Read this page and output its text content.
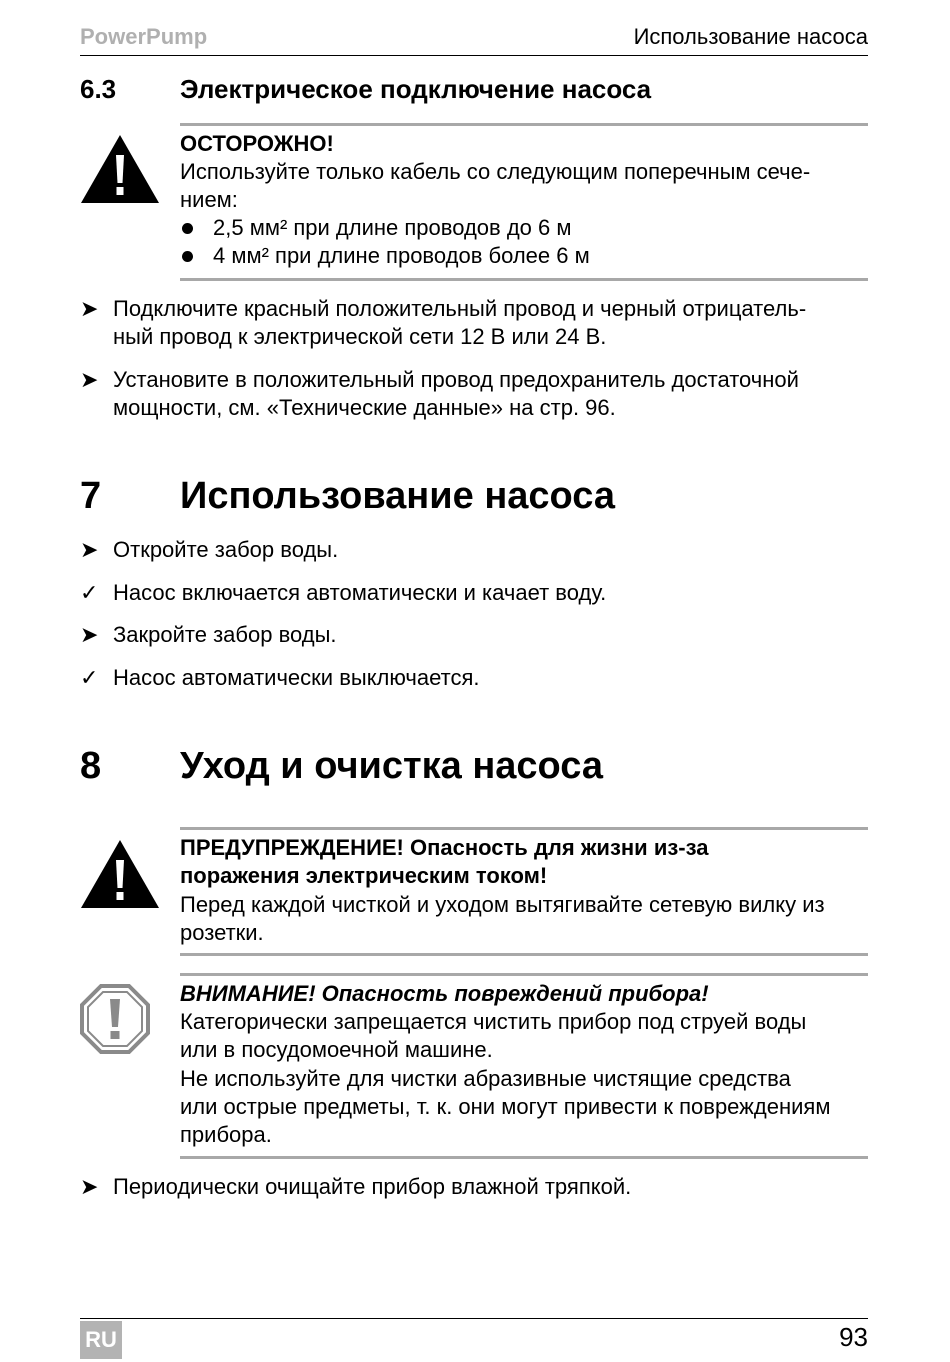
PowerPump	Использование насоса
6.3 Электрическое подключение насоса
ОСТОРОЖНО!
Используйте только кабель со следующим поперечным сече-
нием:
2,5 мм² при длине проводов до 6 м
4 мм² при длине проводов более 6 м
➤ Подключите красный положительный провод и черный отрицатель-
ный провод к электрической сети 12 В или 24 В.
➤ Установите в положительный провод предохранитель достаточной
мощности, см. «Технические данные» на стр. 96.
7 Использование насоса
➤ Откройте забор воды.
✓ Насос включается автоматически и качает воду.
➤ Закройте забор воды.
✓ Насос автоматически выключается.
8 Уход и очистка насоса
ПРЕДУПРЕЖДЕНИЕ! Опасность для жизни из-за
поражения электрическим током!
Перед каждой чисткой и уходом вытягивайте сетевую вилку из
розетки.
ВНИМАНИЕ! Опасность повреждений прибора!
Категорически запрещается чистить прибор под струей воды
или в посудомоечной машине.
Не используйте для чистки абразивные чистящие средства
или острые предметы, т. к. они могут привести к повреждениям
прибора.
➤ Периодически очищайте прибор влажной тряпкой.
RU	93
